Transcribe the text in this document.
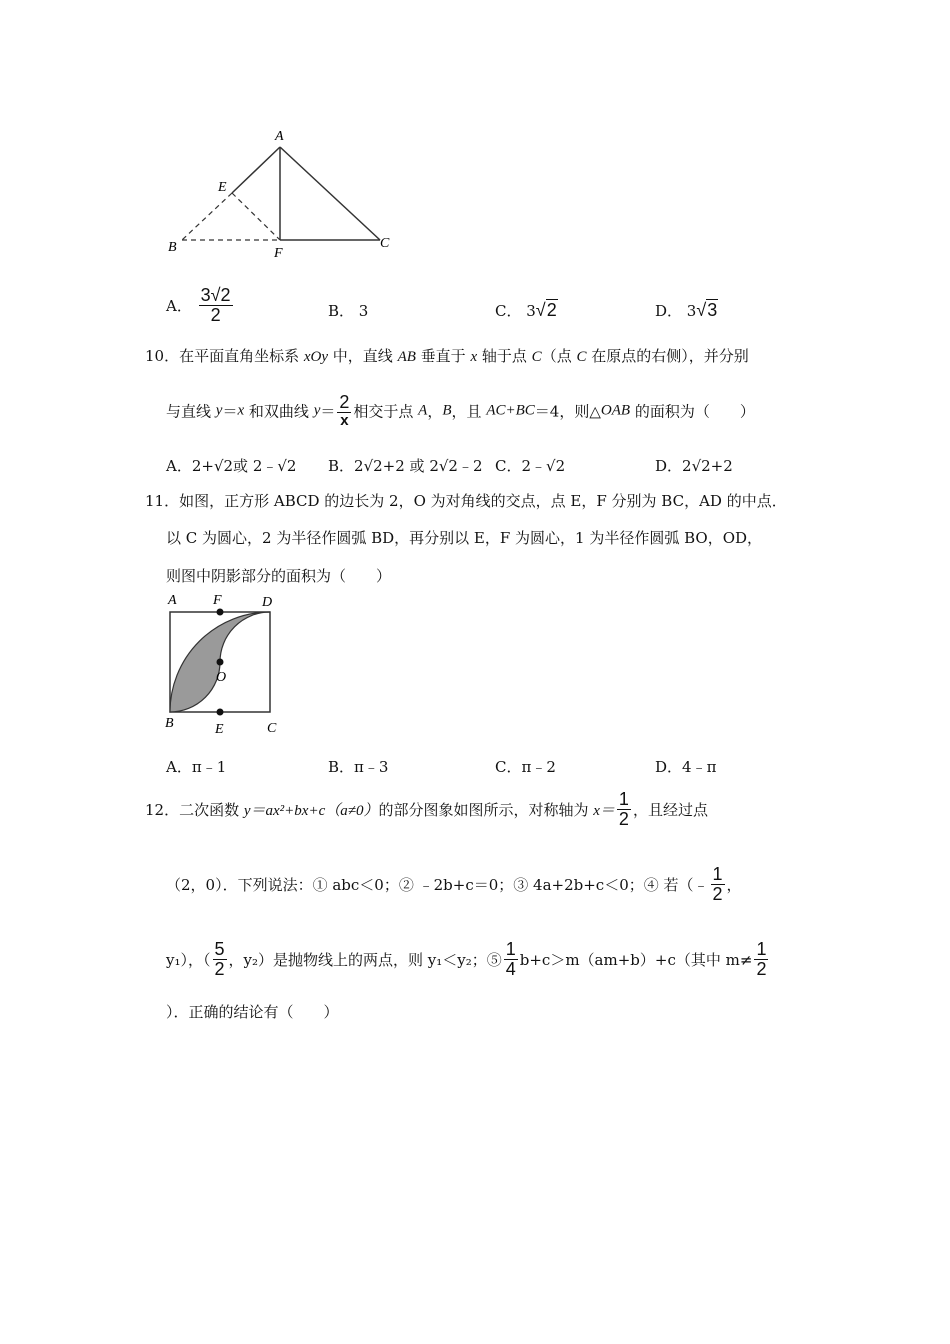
A
E
B	F
C
A． $\frac{3√2}{2}$	B． 3	C． 3√2	D． 3√3
10．在平面直角坐标系 xOy 中，直线 AB 垂直于 x 轴于点 C（点 C 在原点的右侧），并分别
与直线 y＝x 和双曲线 $y= \frac{2}{x}$ 相交于点 A，B，且 AC+BC＝4，则△OAB 的面积为（　　）
A．2+√2或 2﹣√2 B．2√2+2 或 2√2﹣2 C．2﹣√2	D．2√2+2
11．如图，正方形 ABCD 的边长为 2，O 为对角线的交点，点 E，F 分别为 BC，AD 的中点．
以 C 为圆心，2 为半径作圆弧 BD，再分别以 E，F 为圆心，1 为半径作圆弧 BO，OD，
则图中阴影部分的面积为（　　）
A	F	D
O
B	E	C
A．π﹣1	B．π﹣3	C．π﹣2	D．4﹣π
12．二次函数 y＝ax²+bx+c（a≠0）的部分图象如图所示，对称轴为 $x= \frac{1}{2}$ ，且经过点
（2，0）．下列说法：① abc＜0；② ﹣2b+c＝0；③ 4a+2b+c＜0；④ 若（﹣ $\frac{1}{2}$ ，
y₁），（ $\frac{5}{2}$ ，y₂）是抛物线上的两点，则 y₁＜y₂；⑤ $\frac{1}{4} b+c>m(am+b)+c$（其中 $m\ne \frac{1}{2}$
）．正确的结论有（　　）
